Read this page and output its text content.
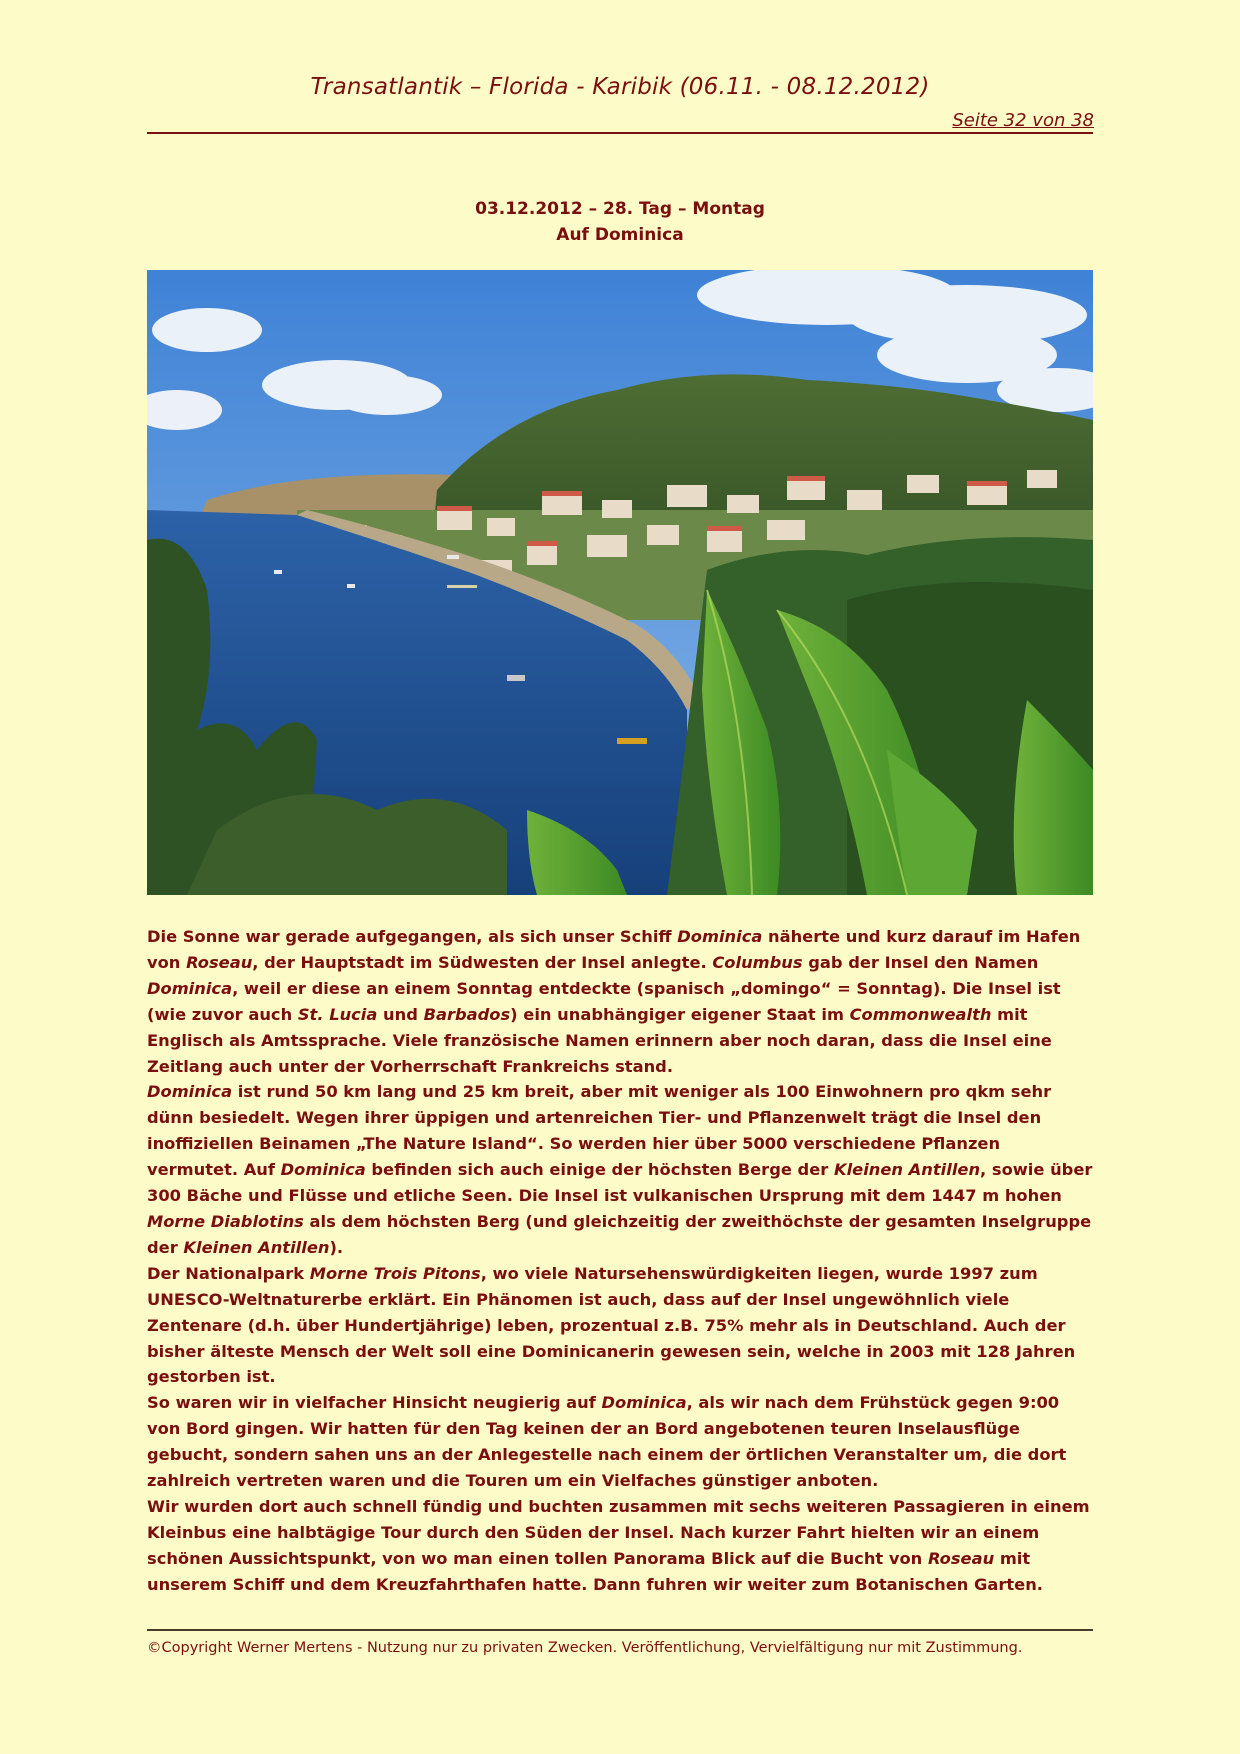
Transatlantik – Florida - Karibik (06.11. - 08.12.2012)
Seite 32 von 38
03.12.2012 – 28. Tag – Montag
Auf Dominica

Die Sonne war gerade aufgegangen, als sich unser Schiff Dominica näherte und kurz darauf im Hafen von Roseau, der Hauptstadt im Südwesten der Insel anlegte. Columbus gab der Insel den Namen Dominica, weil er diese an einem Sonntag entdeckte (spanisch „domingo“ = Sonntag). Die Insel ist (wie zuvor auch St. Lucia und Barbados) ein unabhängiger eigener Staat im Commonwealth mit Englisch als Amtssprache. Viele französische Namen erinnern aber noch daran, dass die Insel eine Zeitlang auch unter der Vorherrschaft Frankreichs stand.

Dominica ist rund 50 km lang und 25 km breit, aber mit weniger als 100 Einwohnern pro qkm sehr dünn besiedelt. Wegen ihrer üppigen und artenreichen Tier- und Pflanzenwelt trägt die Insel den inoffiziellen Beinamen „The Nature Island“. So werden hier über 5000 verschiedene Pflanzen vermutet. Auf Dominica befinden sich auch einige der höchsten Berge der Kleinen Antillen, sowie über 300 Bäche und Flüsse und etliche Seen. Die Insel ist vulkanischen Ursprung mit dem 1447 m hohen Morne Diablotins als dem höchsten Berg (und gleichzeitig der zweithöchste der gesamten Inselgruppe der Kleinen Antillen).

Der Nationalpark Morne Trois Pitons, wo viele Natursehenswürdigkeiten liegen, wurde 1997 zum UNESCO-Weltnaturerbe erklärt. Ein Phänomen ist auch, dass auf der Insel ungewöhnlich viele Zentenare (d.h. über Hundertjährige) leben, prozentual z.B. 75% mehr als in Deutschland. Auch der bisher älteste Mensch der Welt soll eine Dominicanerin gewesen sein, welche in 2003 mit 128 Jahren gestorben ist.

So waren wir in vielfacher Hinsicht neugierig auf Dominica, als wir nach dem Frühstück gegen 9:00 von Bord gingen. Wir hatten für den Tag keinen der an Bord angebotenen teuren Inselausflüge gebucht, sondern sahen uns an der Anlegestelle nach einem der örtlichen Veranstalter um, die dort zahlreich vertreten waren und die Touren um ein Vielfaches günstiger anboten.

Wir wurden dort auch schnell fündig und buchten zusammen mit sechs weiteren Passagieren in einem Kleinbus eine halbtägige Tour durch den Süden der Insel. Nach kurzer Fahrt hielten wir an einem schönen Aussichtspunkt, von wo man einen tollen Panorama Blick auf die Bucht von Roseau mit unserem Schiff und dem Kreuzfahrthafen hatte. Dann fuhren wir weiter zum Botanischen Garten.

©Copyright Werner Mertens - Nutzung nur zu privaten Zwecken. Veröffentlichung, Vervielfältigung nur mit Zustimmung.
